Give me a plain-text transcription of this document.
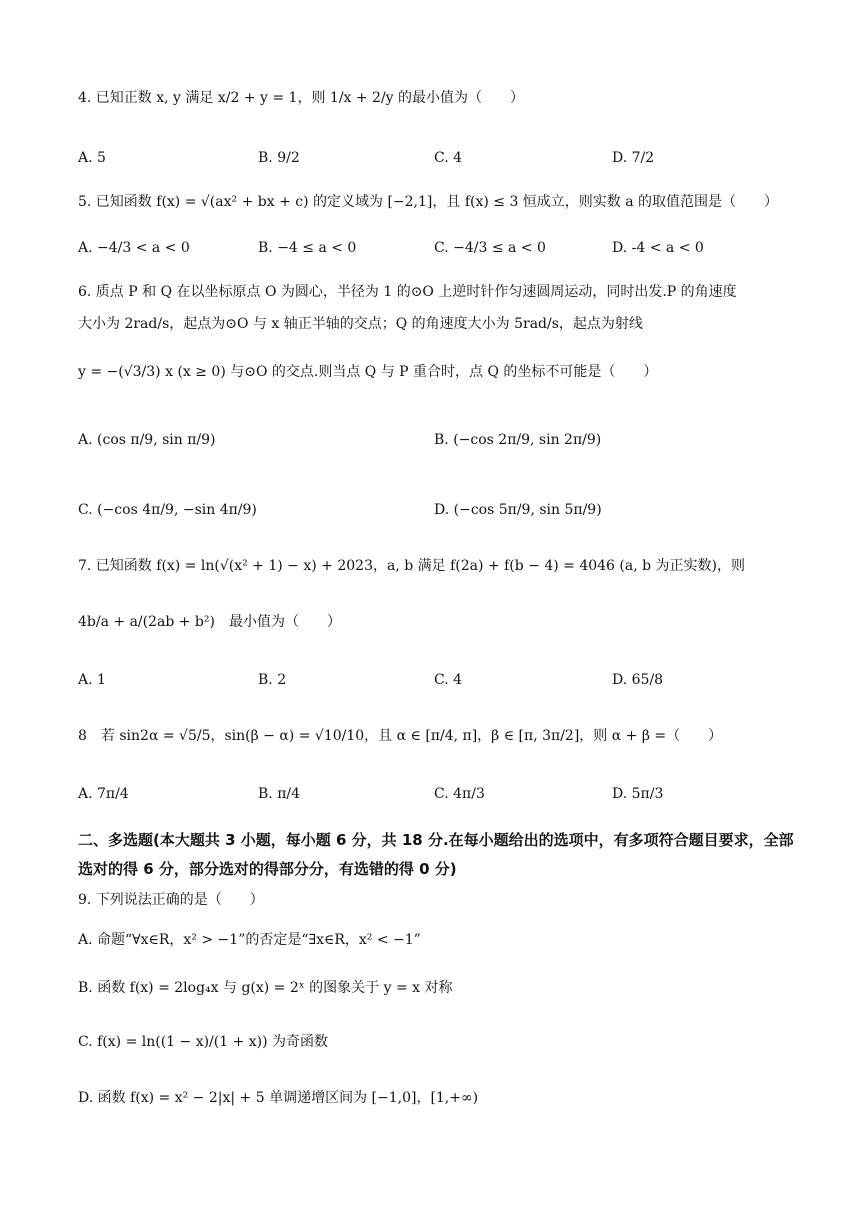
4. 已知正数 x, y 满足 x/2 + y = 1，则 1/x + 2/y 的最小值为（　　）
A. 5	B. 9/2	C. 4	D. 7/2
5. 已知函数 f(x) = √(ax² + bx + c) 的定义域为 [−2,1]，且 f(x) ≤ 3 恒成立，则实数 a 的取值范围是（　　）
A. −4/3 < a < 0	B. −4 ≤ a < 0	C. −4/3 ≤ a < 0	D. -4 < a < 0
6. 质点 P 和 Q 在以坐标原点 O 为圆心，半径为 1 的⊙O 上逆时针作匀速圆周运动，同时出发.P 的角速度
大小为 2rad/s，起点为⊙O 与 x 轴正半轴的交点；Q 的角速度大小为 5rad/s，起点为射线
y = −(√3/3) x (x ≥ 0) 与⊙O 的交点.则当点 Q 与 P 重合时，点 Q 的坐标不可能是（　　）
A. (cos π/9, sin π/9)	B. (−cos 2π/9, sin 2π/9)
C. (−cos 4π/9, −sin 4π/9)	D. (−cos 5π/9, sin 5π/9)
7. 已知函数 f(x) = ln(√(x² + 1) − x) + 2023，a, b 满足 f(2a) + f(b − 4) = 4046 (a, b 为正实数)，则
4b/a + a/(2ab + b²)　最小值为（　　）
A. 1	B. 2	C. 4	D. 65/8
8　若 sin2α = √5/5，sin(β − α) = √10/10，且 α ∈ [π/4, π]，β ∈ [π, 3π/2]，则 α + β =（　　）
A. 7π/4	B. π/4	C. 4π/3	D. 5π/3
二、多选题(本大题共 3 小题，每小题 6 分，共 18 分.在每小题给出的选项中，有多项符合题目要求，全部选对的得 6 分，部分选对的得部分分，有选错的得 0 分)
9. 下列说法正确的是（　　）
A. 命题“∀x∈R，x² > −1”的否定是“∃x∈R，x² < −1”
B. 函数 f(x) = 2log₄x 与 g(x) = 2ˣ 的图象关于 y = x 对称
C. f(x) = ln((1 − x)/(1 + x)) 为奇函数
D. 函数 f(x) = x² − 2|x| + 5 单调递增区间为 [−1,0]，[1,+∞)
